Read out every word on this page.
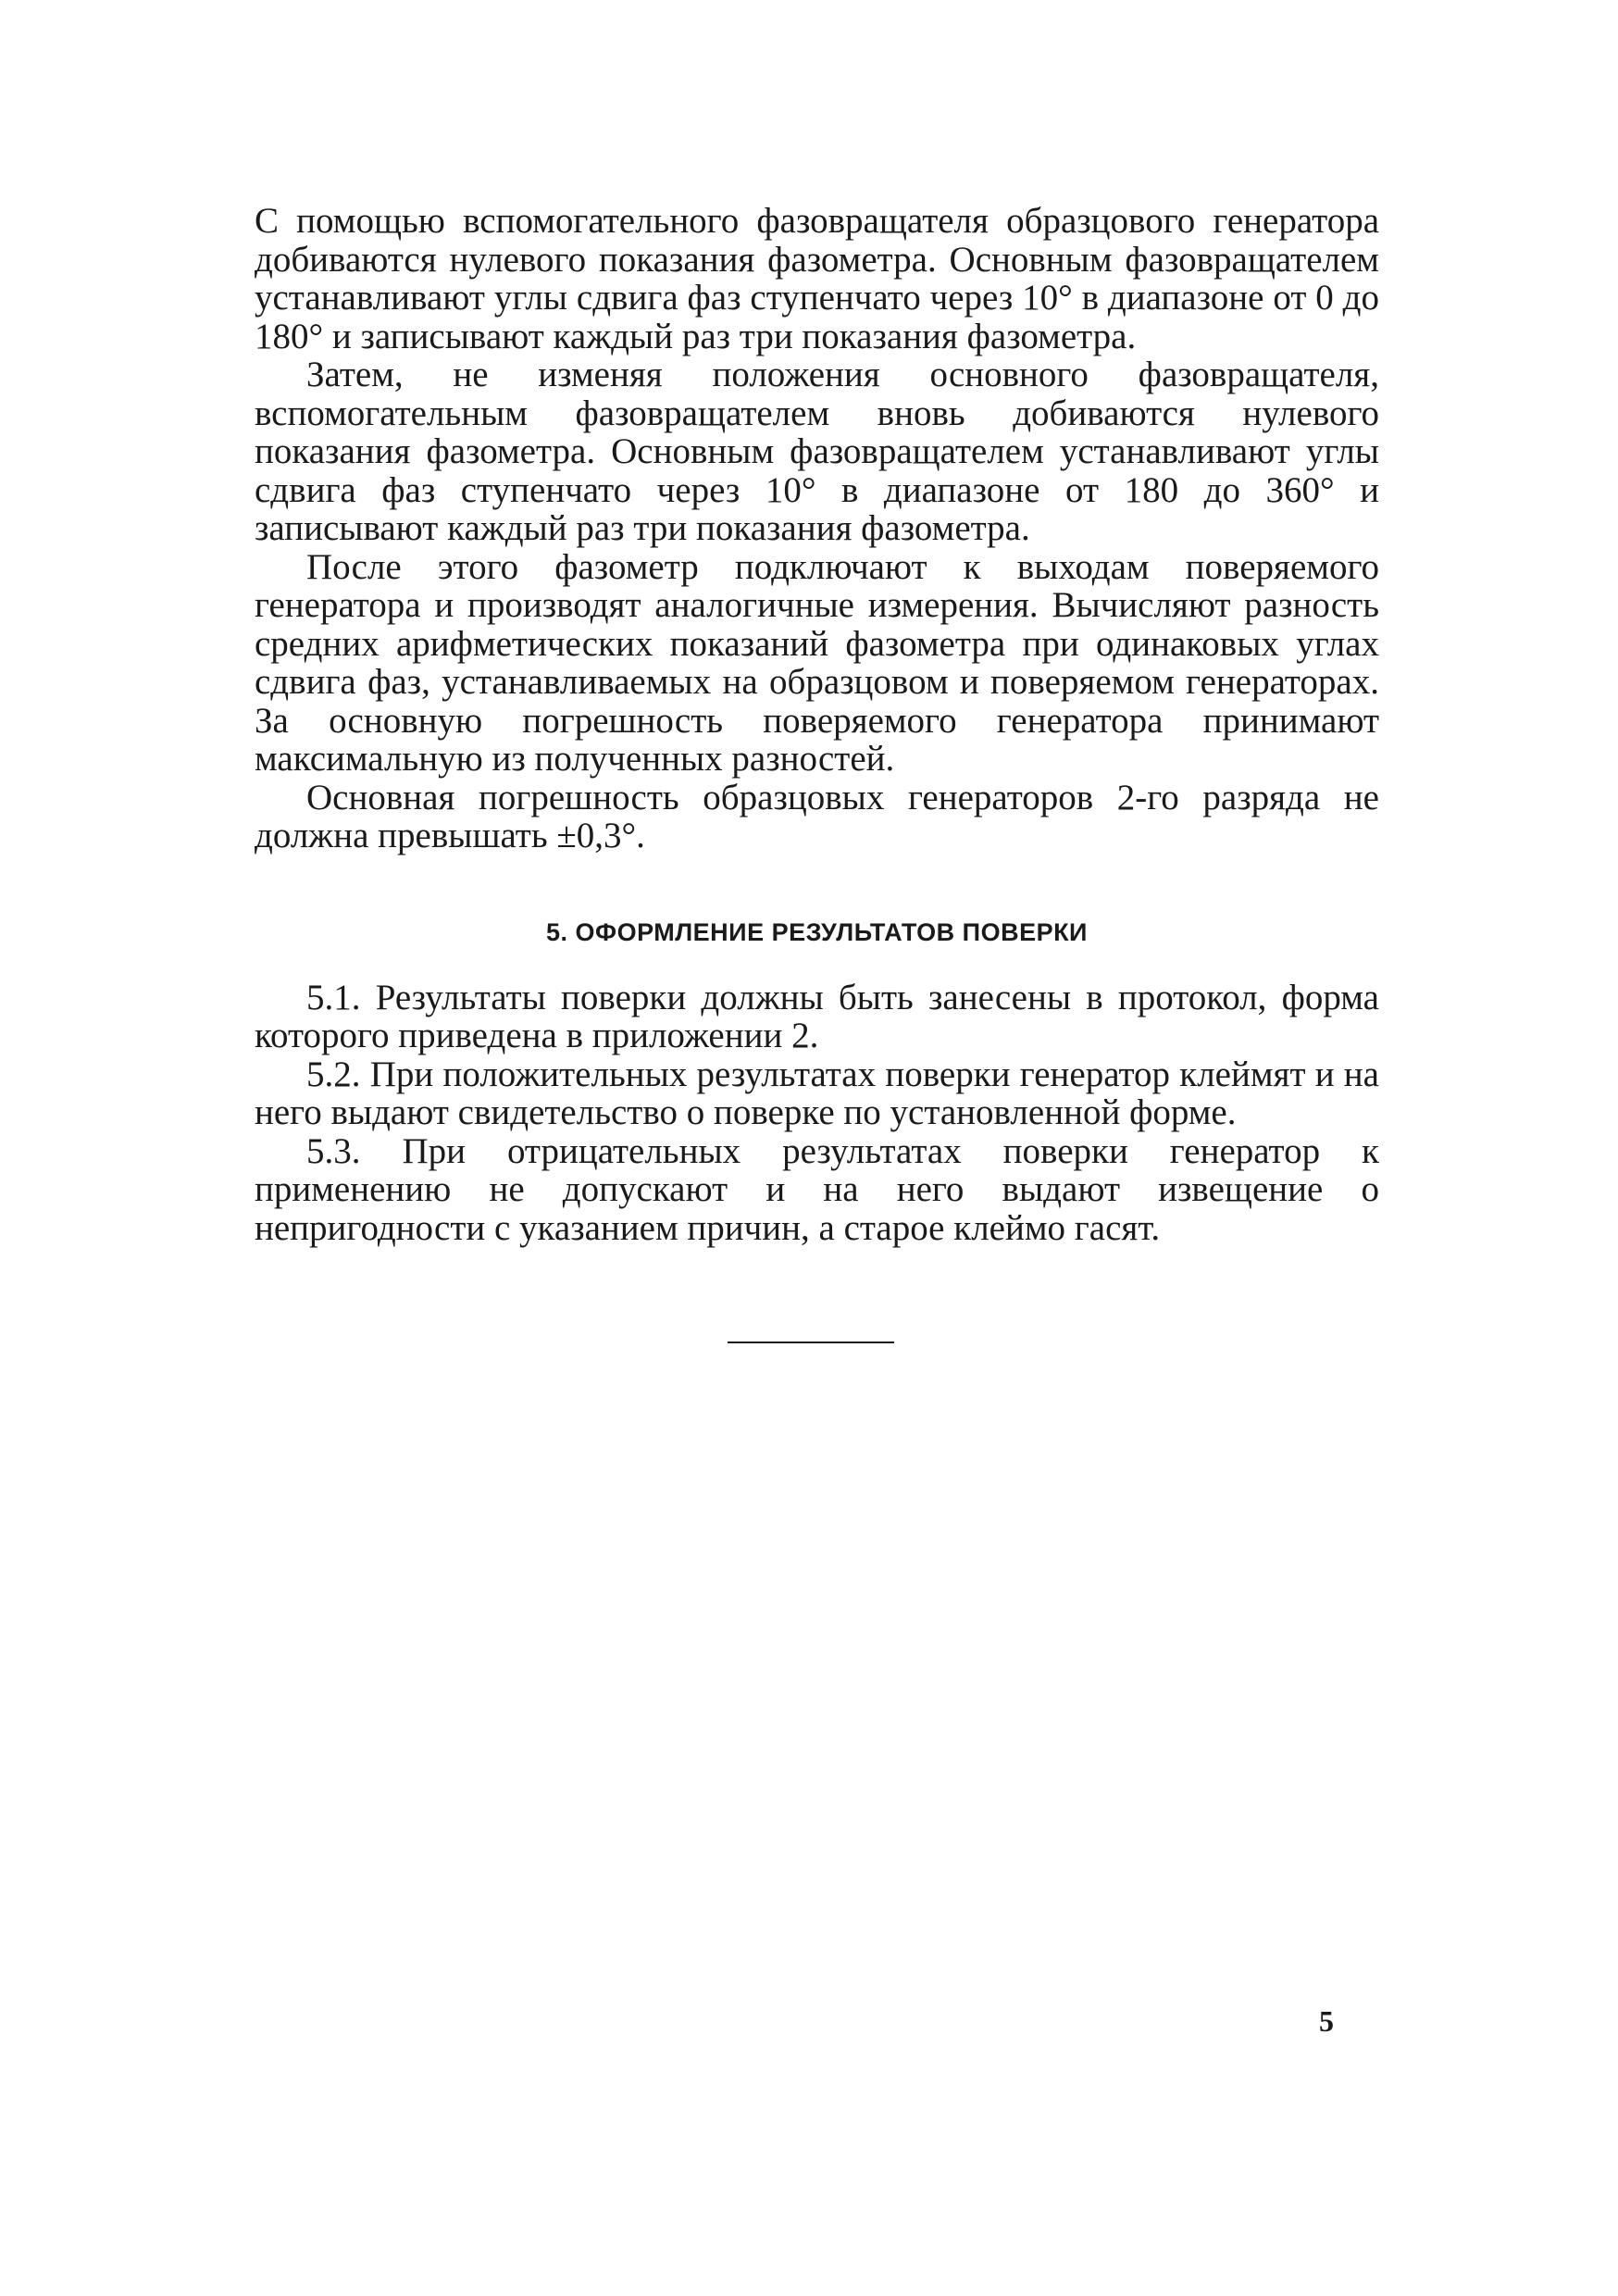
С помощью вспомогательного фазовращателя образцового генератора добиваются нулевого показания фазометра. Основным фазовращателем устанавливают углы сдвига фаз ступенчато через 10° в диапазоне от 0 до 180° и записывают каждый раз три показания фазометра.

Затем, не изменяя положения основного фазовращателя, вспомогательным фазовращателем вновь добиваются нулевого показания фазометра. Основным фазовращателем устанавливают углы сдвига фаз ступенчато через 10° в диапазоне от 180 до 360° и записывают каждый раз три показания фазометра.

После этого фазометр подключают к выходам поверяемого генератора и производят аналогичные измерения. Вычисляют разность средних арифметических показаний фазометрa при одинаковых углах сдвига фаз, устанавливаемых на образцовом и поверяемом генераторах. За основную погрешность поверяемого генератора принимают максимальную из полученных разностей.

Основная погрешность образцовых генераторов 2-го разряда не должна превышать ±0,3°.

5. ОФОРМЛЕНИЕ РЕЗУЛЬТАТОВ ПОВЕРКИ

5.1. Результаты поверки должны быть занесены в протокол, форма которого приведена в приложении 2.

5.2. При положительных результатах поверки генератор клеймят и на него выдают свидетельство о поверке по установленной форме.

5.3. При отрицательных результатах поверки генератор к применению не допускают и на него выдают извещение о непригодности с указанием причин, а старое клеймо гасят.

5
